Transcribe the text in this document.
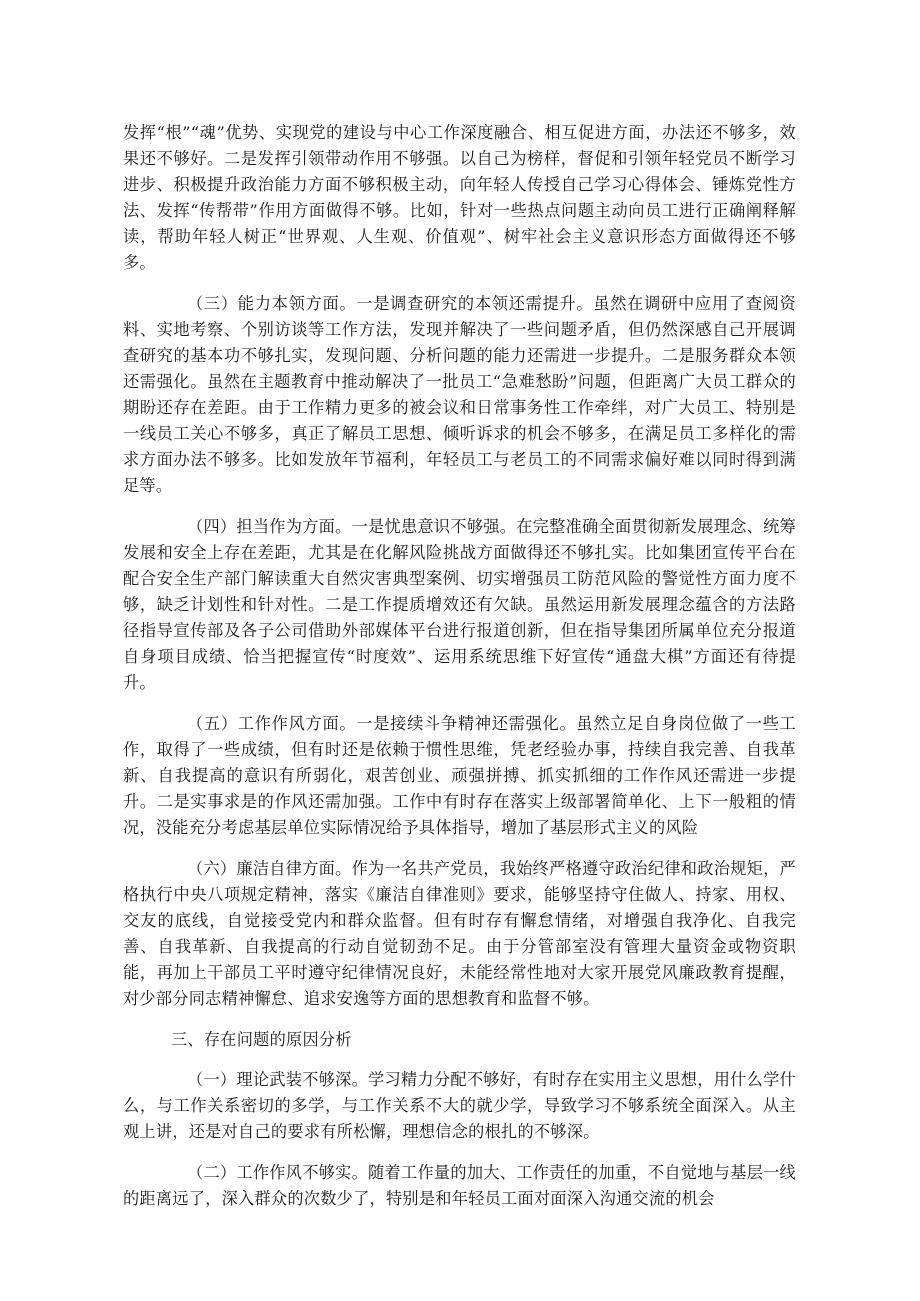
发挥“根”“魂”优势、实现党的建设与中心工作深度融合、相互促进方面，办法还不够多，效果还不够好。二是发挥引领带动作用不够强。以自己为榜样，督促和引领年轻党员不断学习进步、积极提升政治能力方面不够积极主动，向年轻人传授自己学习心得体会、锤炼党性方法、发挥“传帮带”作用方面做得不够。比如，针对一些热点问题主动向员工进行正确阐释解读，帮助年轻人树正“世界观、人生观、价值观”、树牢社会主义意识形态方面做得还不够多。

（三）能力本领方面。一是调查研究的本领还需提升。虽然在调研中应用了查阅资料、实地考察、个别访谈等工作方法，发现并解决了一些问题矛盾，但仍然深感自己开展调查研究的基本功不够扎实，发现问题、分析问题的能力还需进一步提升。二是服务群众本领还需强化。虽然在主题教育中推动解决了一批员工“急难愁盼”问题，但距离广大员工群众的期盼还存在差距。由于工作精力更多的被会议和日常事务性工作牵绊，对广大员工、特别是一线员工关心不够多，真正了解员工思想、倾听诉求的机会不够多，在满足员工多样化的需求方面办法不够多。比如发放年节福利，年轻员工与老员工的不同需求偏好难以同时得到满足等。

（四）担当作为方面。一是忧患意识不够强。在完整准确全面贯彻新发展理念、统筹发展和安全上存在差距，尤其是在化解风险挑战方面做得还不够扎实。比如集团宣传平台在配合安全生产部门解读重大自然灾害典型案例、切实增强员工防范风险的警觉性方面力度不够，缺乏计划性和针对性。二是工作提质增效还有欠缺。虽然运用新发展理念蕴含的方法路径指导宣传部及各子公司借助外部媒体平台进行报道创新，但在指导集团所属单位充分报道自身项目成绩、恰当把握宣传“时度效”、运用系统思维下好宣传“通盘大棋”方面还有待提升。

（五）工作作风方面。一是接续斗争精神还需强化。虽然立足自身岗位做了一些工作，取得了一些成绩，但有时还是依赖于惯性思维，凭老经验办事，持续自我完善、自我革新、自我提高的意识有所弱化，艰苦创业、顽强拼搏、抓实抓细的工作作风还需进一步提升。二是实事求是的作风还需加强。工作中有时存在落实上级部署简单化、上下一般粗的情况，没能充分考虑基层单位实际情况给予具体指导，增加了基层形式主义的风险

（六）廉洁自律方面。作为一名共产党员，我始终严格遵守政治纪律和政治规矩，严格执行中央八项规定精神，落实《廉洁自律准则》要求，能够坚持守住做人、持家、用权、交友的底线，自觉接受党内和群众监督。但有时存有懈怠情绪，对增强自我净化、自我完善、自我革新、自我提高的行动自觉韧劲不足。由于分管部室没有管理大量资金或物资职能，再加上干部员工平时遵守纪律情况良好，未能经常性地对大家开展党风廉政教育提醒，对少部分同志精神懈怠、追求安逸等方面的思想教育和监督不够。

三、存在问题的原因分析

（一）理论武装不够深。学习精力分配不够好，有时存在实用主义思想，用什么学什么，与工作关系密切的多学，与工作关系不大的就少学，导致学习不够系统全面深入。从主观上讲，还是对自己的要求有所松懈，理想信念的根扎的不够深。

（二）工作作风不够实。随着工作量的加大、工作责任的加重，不自觉地与基层一线的距离远了，深入群众的次数少了，特别是和年轻员工面对面深入沟通交流的机会
